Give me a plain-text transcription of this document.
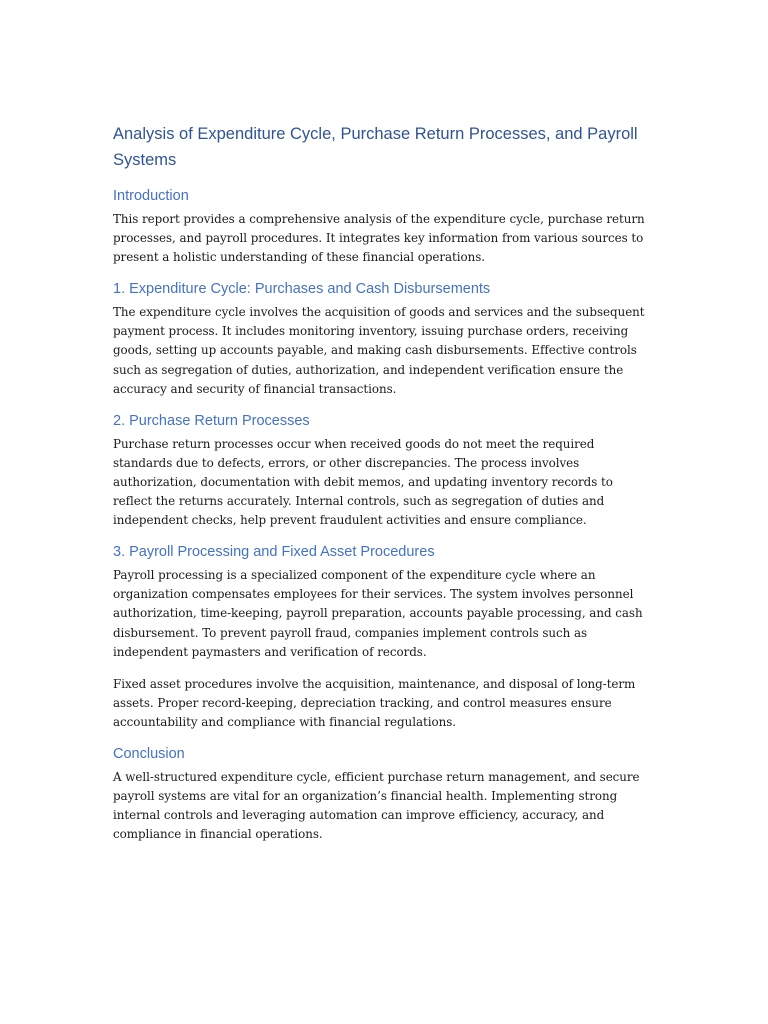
Analysis of Expenditure Cycle, Purchase Return Processes, and Payroll Systems
Introduction

This report provides a comprehensive analysis of the expenditure cycle, purchase return processes, and payroll procedures. It integrates key information from various sources to present a holistic understanding of these financial operations.

1. Expenditure Cycle: Purchases and Cash Disbursements

The expenditure cycle involves the acquisition of goods and services and the subsequent payment process. It includes monitoring inventory, issuing purchase orders, receiving goods, setting up accounts payable, and making cash disbursements. Effective controls such as segregation of duties, authorization, and independent verification ensure the accuracy and security of financial transactions.

2. Purchase Return Processes

Purchase return processes occur when received goods do not meet the required standards due to defects, errors, or other discrepancies. The process involves authorization, documentation with debit memos, and updating inventory records to reflect the returns accurately. Internal controls, such as segregation of duties and independent checks, help prevent fraudulent activities and ensure compliance.

3. Payroll Processing and Fixed Asset Procedures

Payroll processing is a specialized component of the expenditure cycle where an organization compensates employees for their services. The system involves personnel authorization, time-keeping, payroll preparation, accounts payable processing, and cash disbursement. To prevent payroll fraud, companies implement controls such as independent paymasters and verification of records.

Fixed asset procedures involve the acquisition, maintenance, and disposal of long-term assets. Proper record-keeping, depreciation tracking, and control measures ensure accountability and compliance with financial regulations.

Conclusion

A well-structured expenditure cycle, efficient purchase return management, and secure payroll systems are vital for an organization’s financial health. Implementing strong internal controls and leveraging automation can improve efficiency, accuracy, and compliance in financial operations.
